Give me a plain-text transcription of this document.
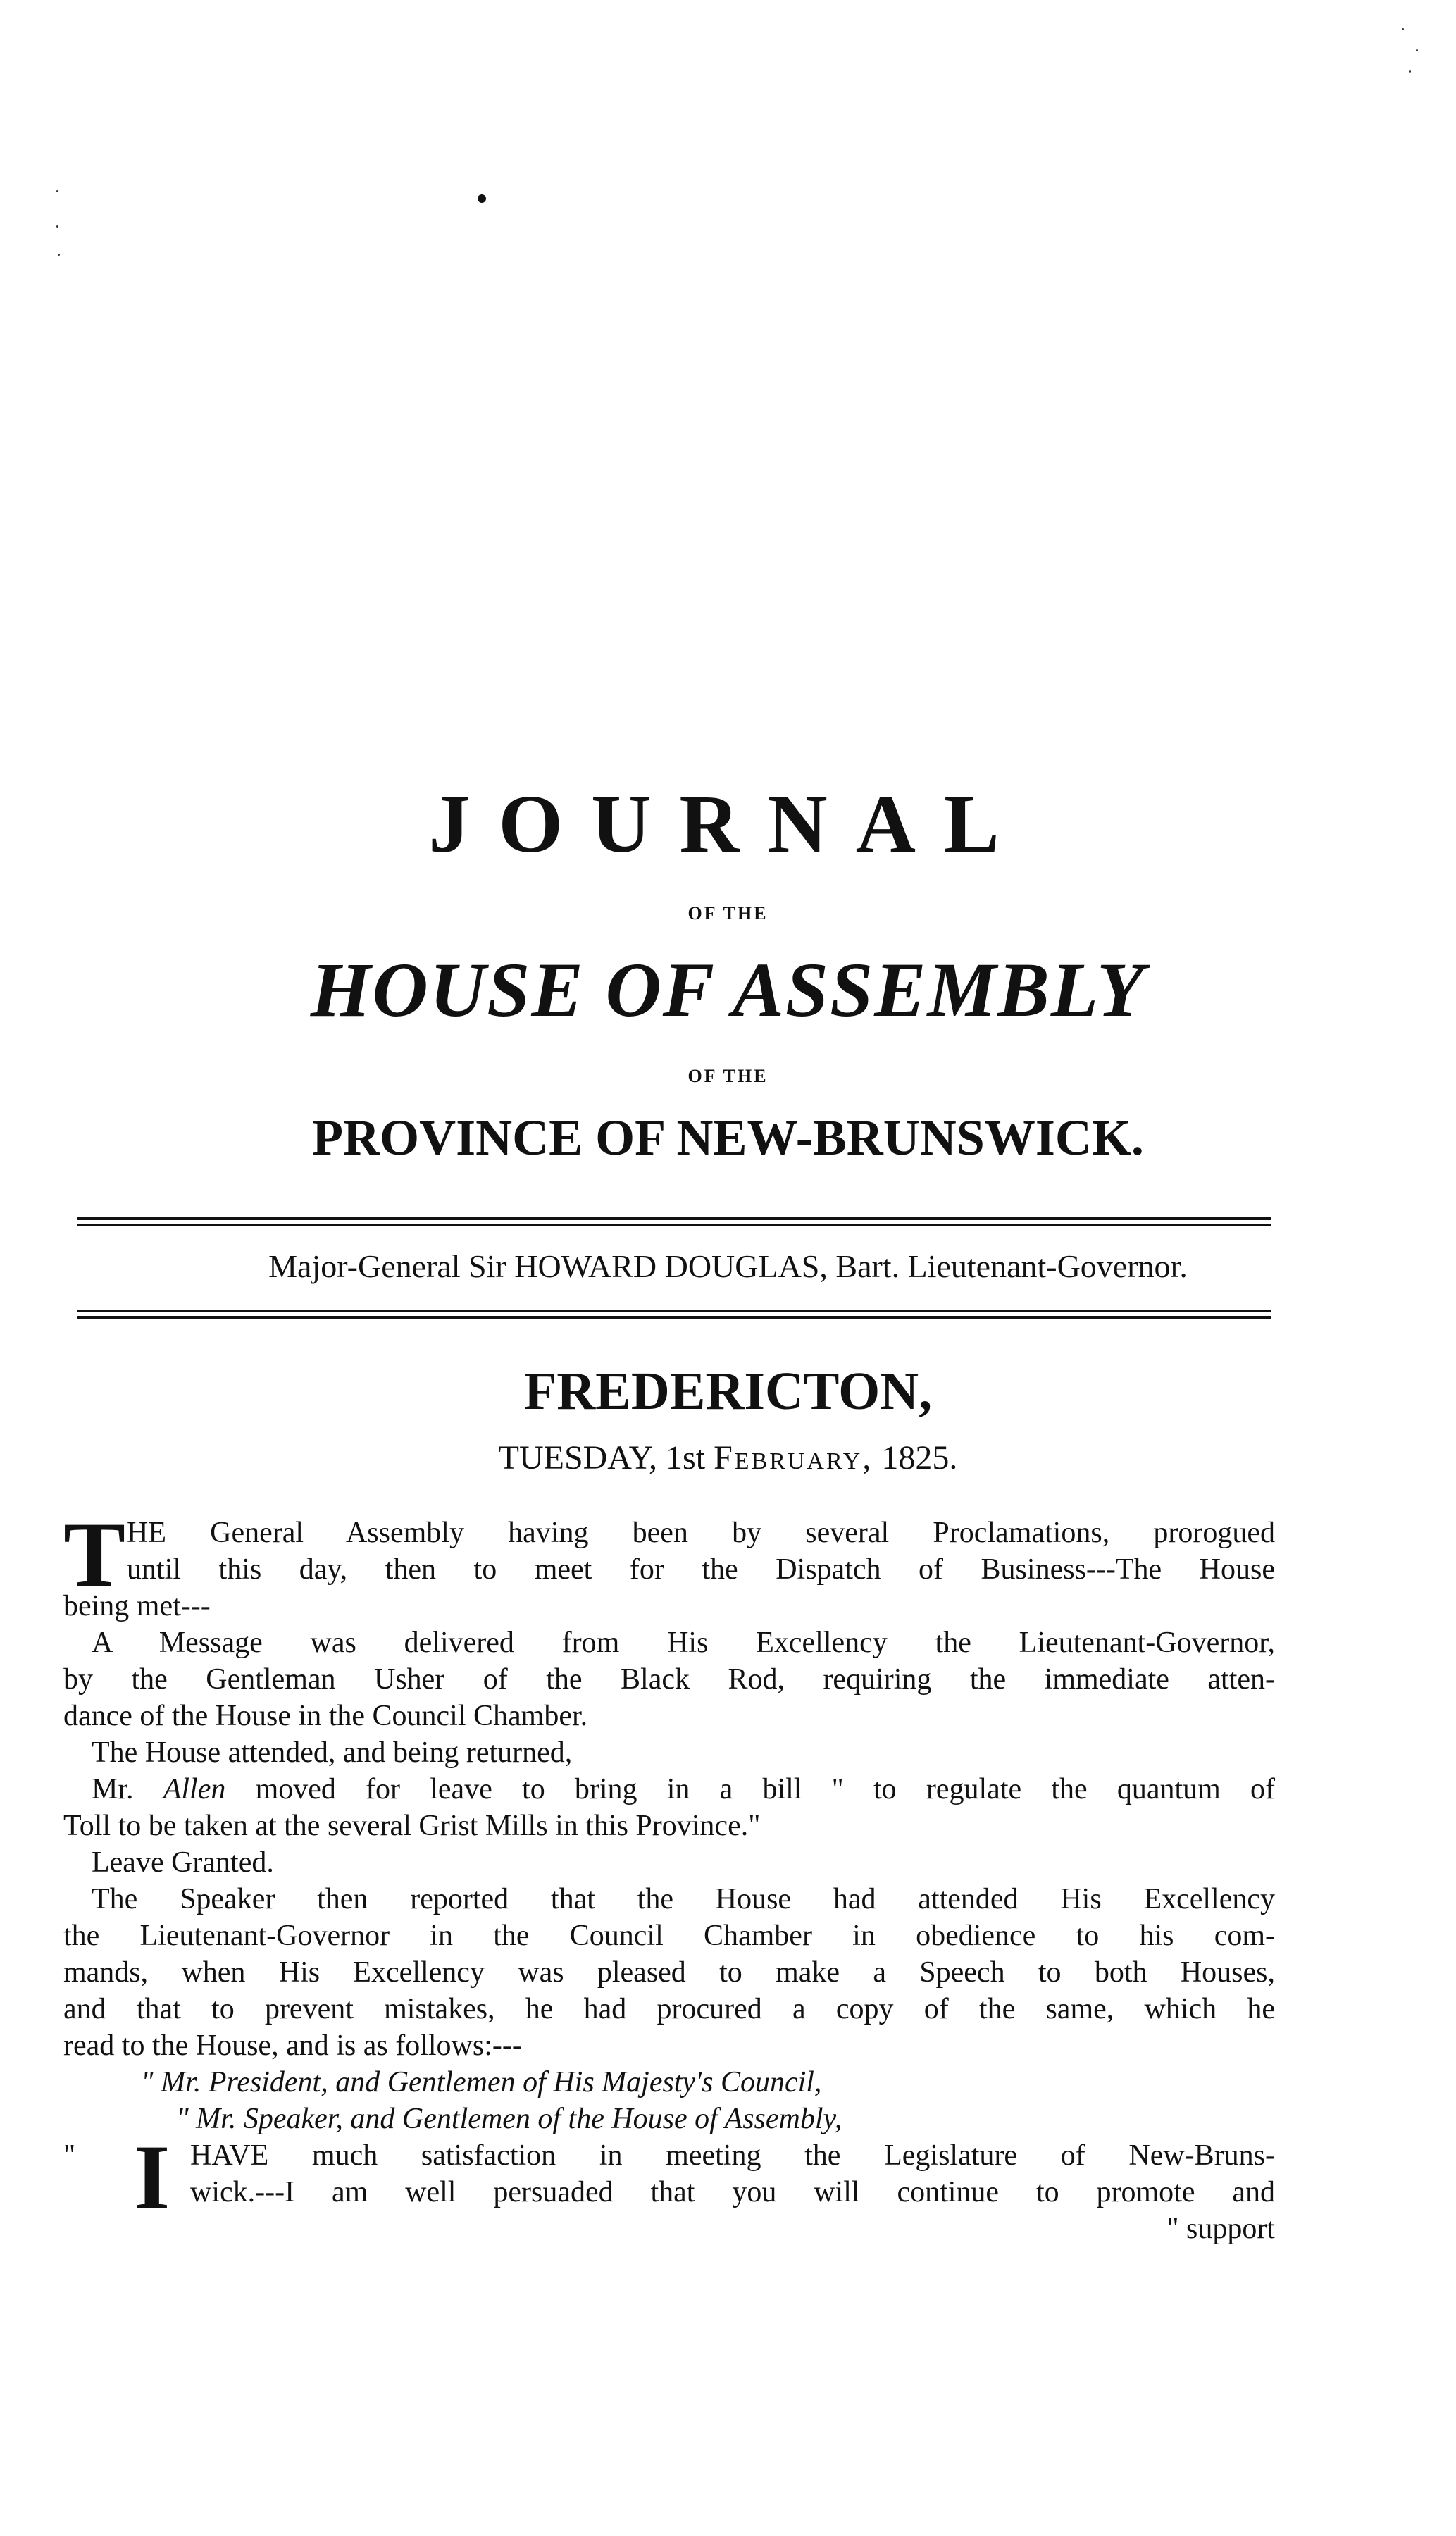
JOURNAL
OF THE
HOUSE OF ASSEMBLY
OF THE
PROVINCE OF NEW-BRUNSWICK.
Major-General Sir HOWARD DOUGLAS, Bart. Lieutenant-Governor.
FREDERICTON,
TUESDAY, 1st February, 1825.
T HE General Assembly having been by several Proclamations, prorogued
until this day, then to meet for the Dispatch of Business---The House
being met---
A Message was delivered from His Excellency the Lieutenant-Governor,
by the Gentleman Usher of the Black Rod, requiring the immediate atten-
dance of the House in the Council Chamber.
The House attended, and being returned,
Mr. Allen moved for leave to bring in a bill " to regulate the quantum of
Toll to be taken at the several Grist Mills in this Province."
Leave Granted.
The Speaker then reported that the House had attended His Excellency
the Lieutenant-Governor in the Council Chamber in obedience to his com-
mands, when His Excellency was pleased to make a Speech to both Houses,
and that to prevent mistakes, he had procured a copy of the same, which he
read to the House, and is as follows:---
" Mr. President, and Gentlemen of His Majesty's Council,
" Mr. Speaker, and Gentlemen of the House of Assembly,
" I HAVE much satisfaction in meeting the Legislature of New-Bruns-
wick.---I am well persuaded that you will continue to promote and
" support
